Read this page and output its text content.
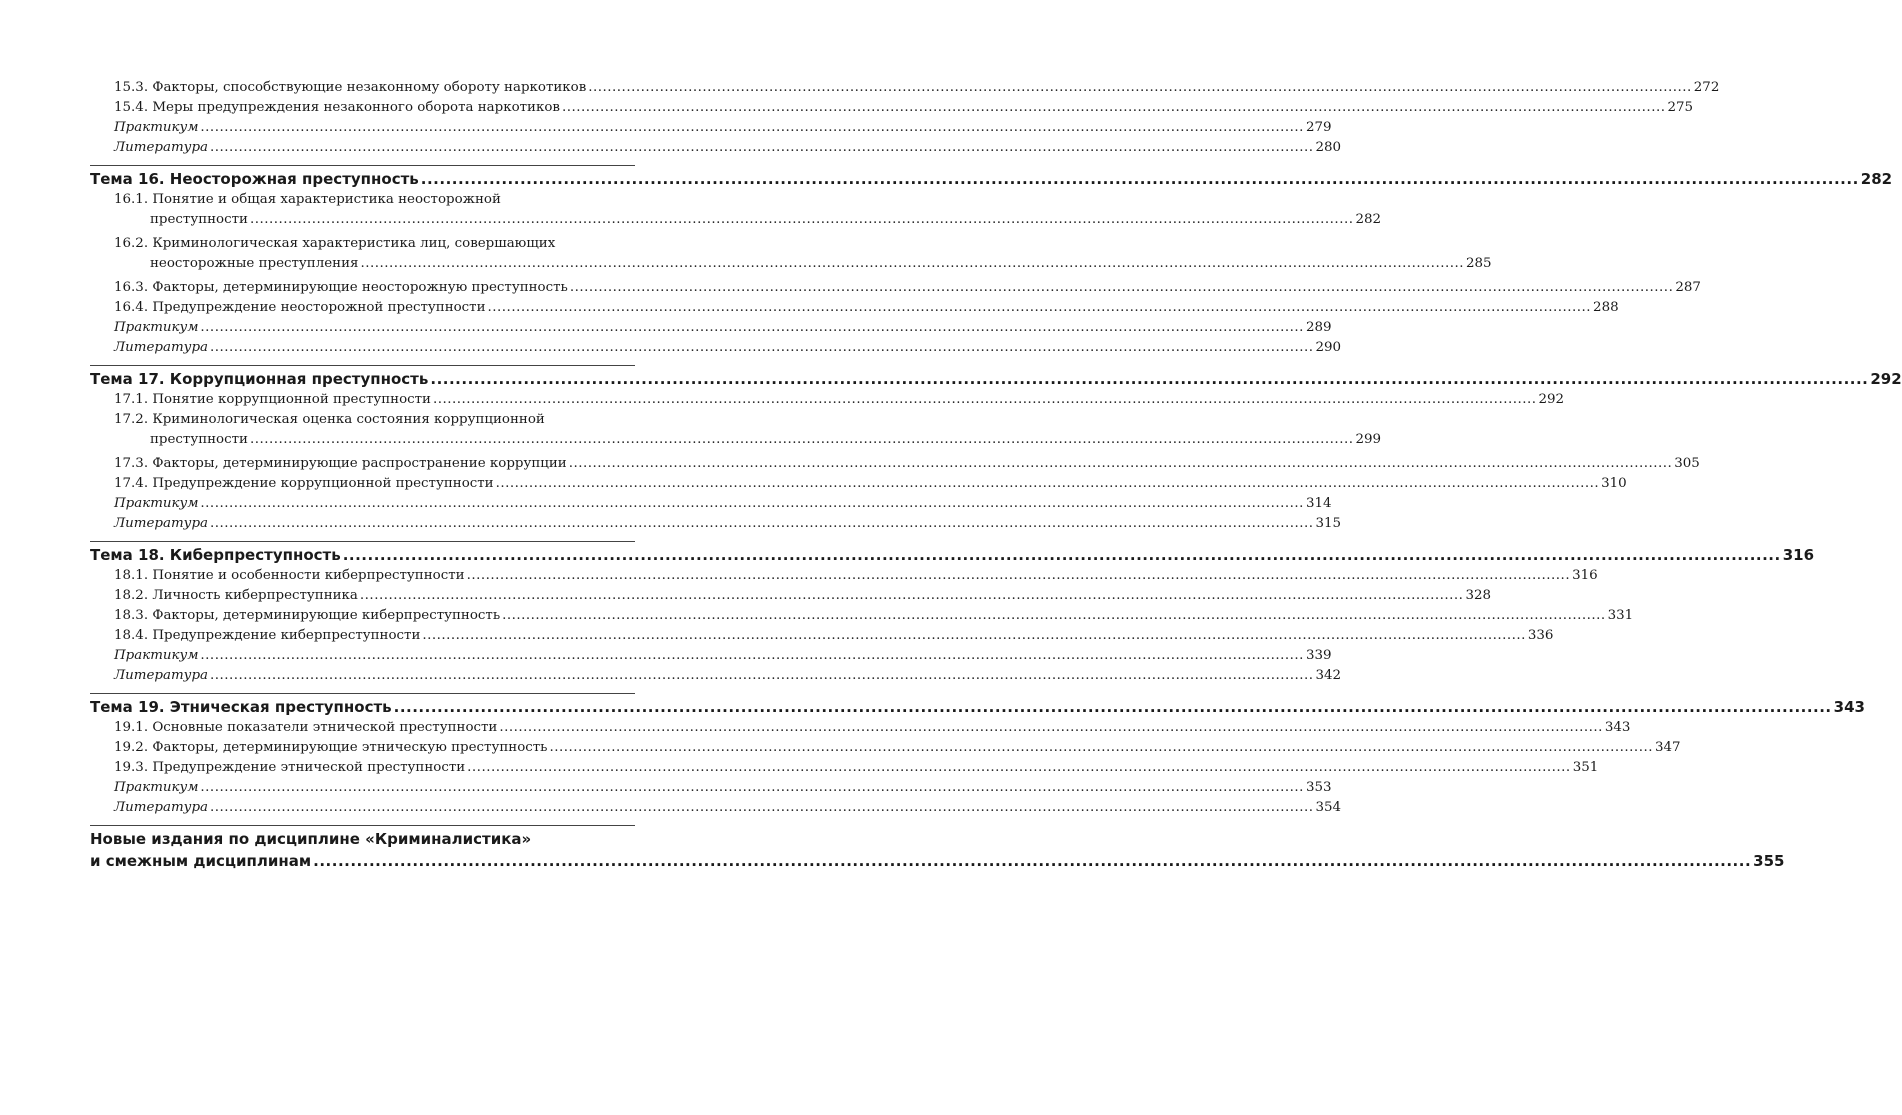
15.3. Факторы, способствующие незаконному обороту наркотиков .....	272
15.4. Меры предупреждения незаконного оборота наркотиков .....	275
Практикум .....	279
Литература .....	280
Тема 16. Неосторожная преступность .....	282
16.1. Понятие и общая характеристика неосторожной
преступности .....	282
16.2. Криминологическая характеристика лиц, совершающих
неосторожные преступления .....	285
16.3. Факторы, детерминирующие неосторожную преступность .....	287
16.4. Предупреждение неосторожной преступности .....	288
Практикум .....	289
Литература .....	290
Тема 17. Коррупционная преступность .....	292
17.1. Понятие коррупционной преступности .....	292
17.2. Криминологическая оценка состояния коррупционной
преступности .....	299
17.3. Факторы, детерминирующие распространение коррупции .....	305
17.4. Предупреждение коррупционной преступности .....	310
Практикум .....	314
Литература .....	315
Тема 18. Киберпреступность .....	316
18.1. Понятие и особенности киберпреступности .....	316
18.2. Личность киберпреступника .....	328
18.3. Факторы, детерминирующие киберпреступность .....	331
18.4. Предупреждение киберпреступности .....	336
Практикум .....	339
Литература .....	342
Тема 19. Этническая преступность .....	343
19.1. Основные показатели этнической преступности .....	343
19.2. Факторы, детерминирующие этническую преступность .....	347
19.3. Предупреждение этнической преступности .....	351
Практикум .....	353
Литература .....	354
Новые издания по дисциплине «Криминалистика»
и смежным дисциплинам .....	355
